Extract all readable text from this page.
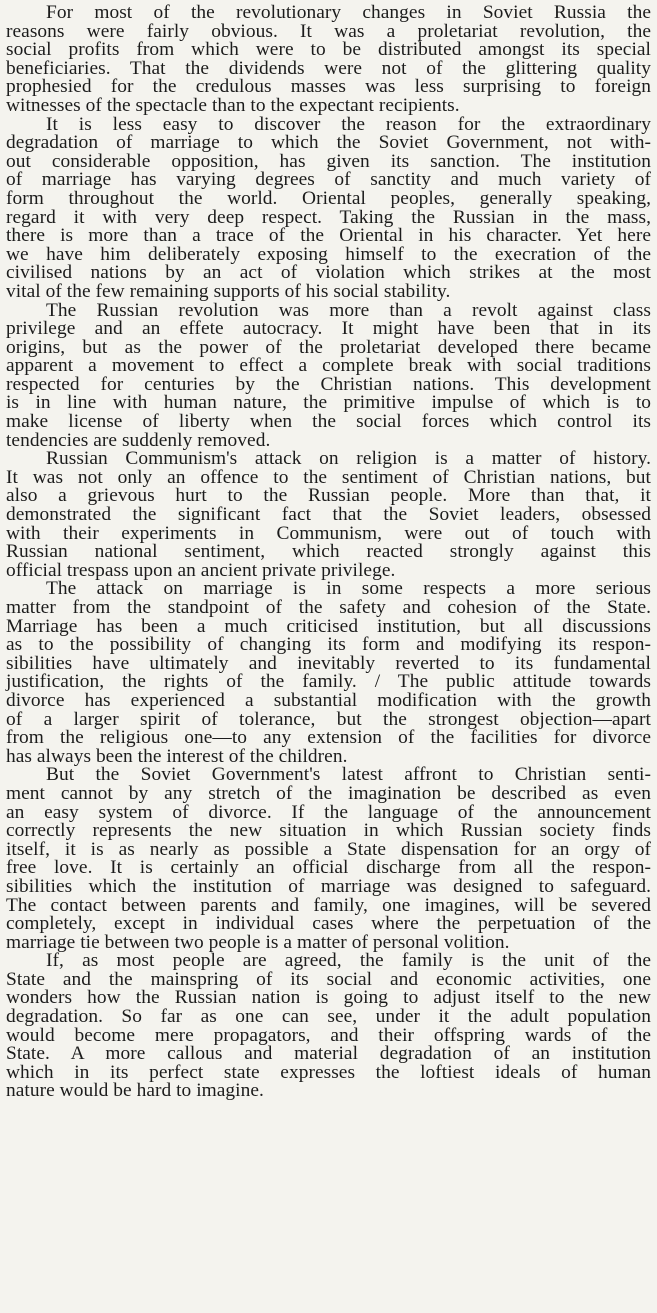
For most of the revolutionary changes in Soviet Russia the
reasons were fairly obvious. It was a proletariat revolution, the
social profits from which were to be distributed amongst its special
beneficiaries. That the dividends were not of the glittering quality
prophesied for the credulous masses was less surprising to foreign
witnesses of the spectacle than to the expectant recipients.
It is less easy to discover the reason for the extraordinary
degradation of marriage to which the Soviet Government, not with-
out considerable opposition, has given its sanction. The institution
of marriage has varying degrees of sanctity and much variety of
form throughout the world. Oriental peoples, generally speaking,
regard it with very deep respect. Taking the Russian in the mass,
there is more than a trace of the Oriental in his character. Yet here
we have him deliberately exposing himself to the execration of the
civilised nations by an act of violation which strikes at the most
vital of the few remaining supports of his social stability.
The Russian revolution was more than a revolt against class
privilege and an effete autocracy. It might have been that in its
origins, but as the power of the proletariat developed there became
apparent a movement to effect a complete break with social traditions
respected for centuries by the Christian nations. This development
is in line with human nature, the primitive impulse of which is to
make license of liberty when the social forces which control its
tendencies are suddenly removed.
Russian Communism's attack on religion is a matter of history.
It was not only an offence to the sentiment of Christian nations, but
also a grievous hurt to the Russian people. More than that, it
demonstrated the significant fact that the Soviet leaders, obsessed
with their experiments in Communism, were out of touch with
Russian national sentiment, which reacted strongly against this
official trespass upon an ancient private privilege.
The attack on marriage is in some respects a more serious
matter from the standpoint of the safety and cohesion of the State.
Marriage has been a much criticised institution, but all discussions
as to the possibility of changing its form and modifying its respon-
sibilities have ultimately and inevitably reverted to its fundamental
justification, the rights of the family. / The public attitude towards
divorce has experienced a substantial modification with the growth
of a larger spirit of tolerance, but the strongest objection—apart
from the religious one—to any extension of the facilities for divorce
has always been the interest of the children.
But the Soviet Government's latest affront to Christian senti-
ment cannot by any stretch of the imagination be described as even
an easy system of divorce. If the language of the announcement
correctly represents the new situation in which Russian society finds
itself, it is as nearly as possible a State dispensation for an orgy of
free love. It is certainly an official discharge from all the respon-
sibilities which the institution of marriage was designed to safeguard.
The contact between parents and family, one imagines, will be severed
completely, except in individual cases where the perpetuation of the
marriage tie between two people is a matter of personal volition.
If, as most people are agreed, the family is the unit of the
State and the mainspring of its social and economic activities, one
wonders how the Russian nation is going to adjust itself to the new
degradation. So far as one can see, under it the adult population
would become mere propagators, and their offspring wards of the
State. A more callous and material degradation of an institution
which in its perfect state expresses the loftiest ideals of human
nature would be hard to imagine.
